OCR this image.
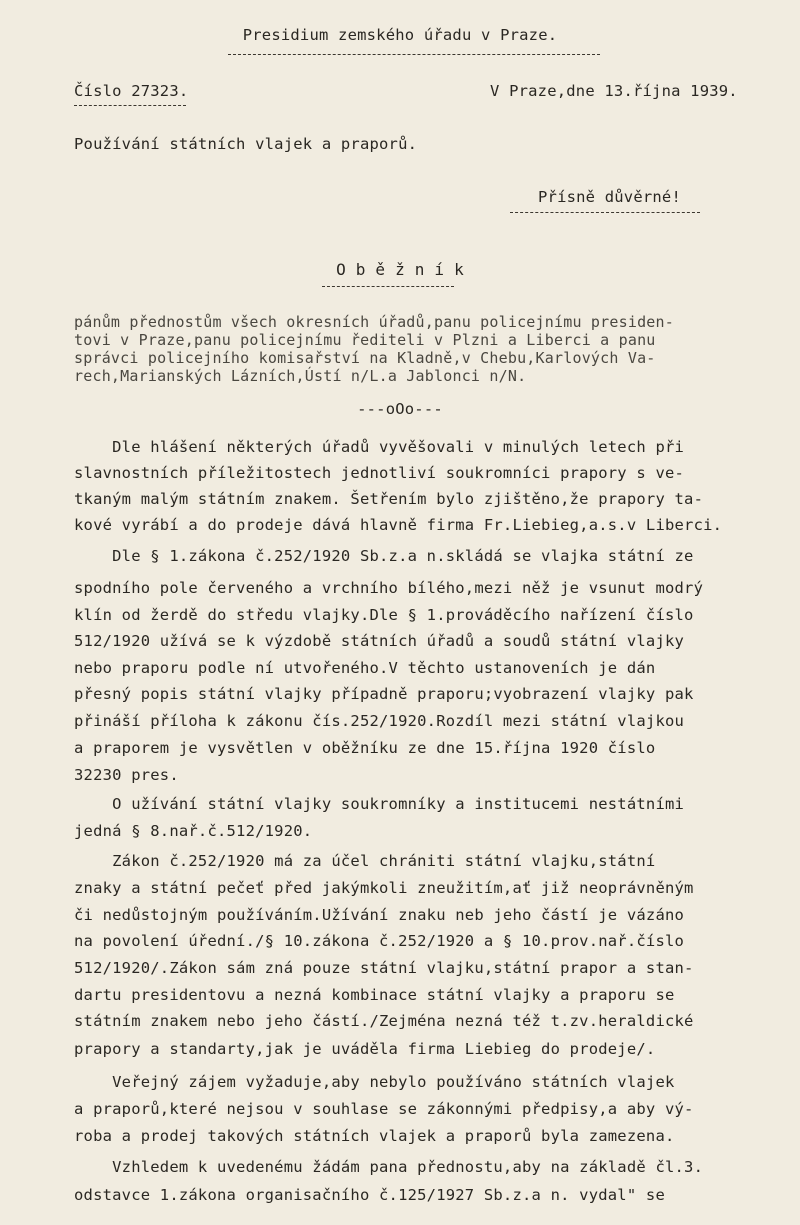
Presidium zemského úřadu v Praze.
Číslo 27323.	V Praze,dne 13.října 1939.
Používání státních vlajek a praporů.
Přísně důvěrné!
O b ě ž n í k
pánům přednostům všech okresních úřadů,panu policejnímu presiden-
tovi v Praze,panu policejnímu řediteli v Plzni a Liberci a panu
správci policejního komisařství na Kladně,v Chebu,Karlových Va-
rech,Marianských Lázních,Ústí n/L.a Jablonci n/N.
---oOo---
Dle hlášení některých úřadů vyvěšovali v minulých letech při
slavnostních příležitostech jednotliví soukromníci prapory s ve-
tkaným malým státním znakem. Šetřením bylo zjištěno,že prapory ta-
kové vyrábí a do prodeje dává hlavně firma Fr.Liebieg,a.s.v Liberci.
Dle § 1.zákona č.252/1920 Sb.z.a n.skládá se vlajka státní ze
spodního pole červeného a vrchního bílého,mezi něž je vsunut modrý
klín od žerdě do středu vlajky.Dle § 1.prováděcího nařízení číslo
512/1920 užívá se k výzdobě státních úřadů a soudů státní vlajky
nebo praporu podle ní utvořeného.V těchto ustanoveních je dán
přesný popis státní vlajky případně praporu;vyobrazení vlajky pak
přináší příloha k zákonu čís.252/1920.Rozdíl mezi státní vlajkou
a praporem je vysvětlen v oběžníku ze dne 15.října 1920 číslo
32230 pres.
O užívání státní vlajky soukromníky a institucemi nestátními
jedná § 8.nař.č.512/1920.
Zákon č.252/1920 má za účel chrániti státní vlajku,státní
znaky a státní pečeť před jakýmkoli zneužitím,ať již neoprávněným
či nedůstojným používáním.Užívání znaku neb jeho částí je vázáno
na povolení úřední./§ 10.zákona č.252/1920 a § 10.prov.nař.číslo
512/1920/.Zákon sám zná pouze státní vlajku,státní prapor a stan-
dartu presidentovu a nezná kombinace státní vlajky a praporu se
státním znakem nebo jeho částí./Zejména nezná též t.zv.heraldické
prapory a standarty,jak je uváděla firma Liebieg do prodeje/.
Veřejný zájem vyžaduje,aby nebylo používáno státních vlajek
a praporů,které nejsou v souhlase se zákonnými předpisy,a aby vý-
roba a prodej takových státních vlajek a praporů byla zamezena.
Vzhledem k uvedenému žádám pana přednostu,aby na základě čl.3.
odstavce 1.zákona organisačního č.125/1927 Sb.z.a n. vydal" se
